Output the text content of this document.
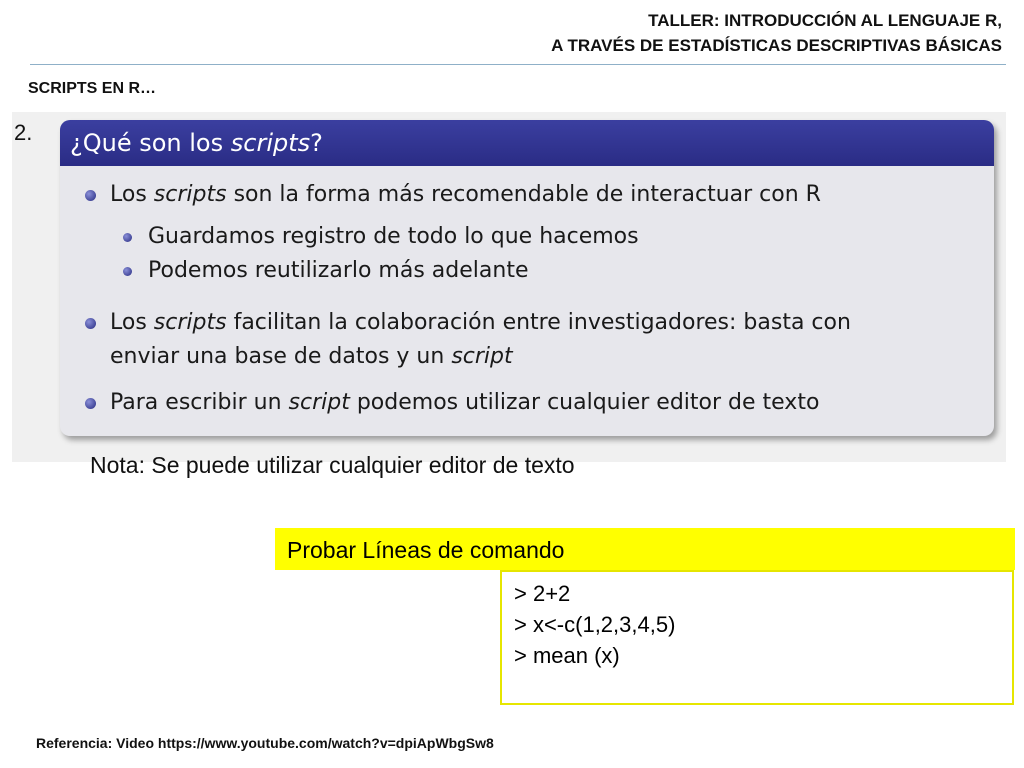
TALLER: INTRODUCCIÓN AL LENGUAJE R,
A TRAVÉS DE ESTADÍSTICAS DESCRIPTIVAS BÁSICAS
SCRIPTS EN R…
¿Qué son los scripts?
Los scripts son la forma más recomendable de interactuar con R
Guardamos registro de todo lo que hacemos
Podemos reutilizarlo más adelante
Los scripts facilitan la colaboración entre investigadores: basta con
enviar una base de datos y un script
Para escribir un script podemos utilizar cualquier editor de texto
2.
Nota: Se puede utilizar cualquier editor de texto
Probar Líneas de comando
> 2+2
> x<-c(1,2,3,4,5)
> mean (x)
Referencia: Video https://www.youtube.com/watch?v=dpiApWbgSw8
